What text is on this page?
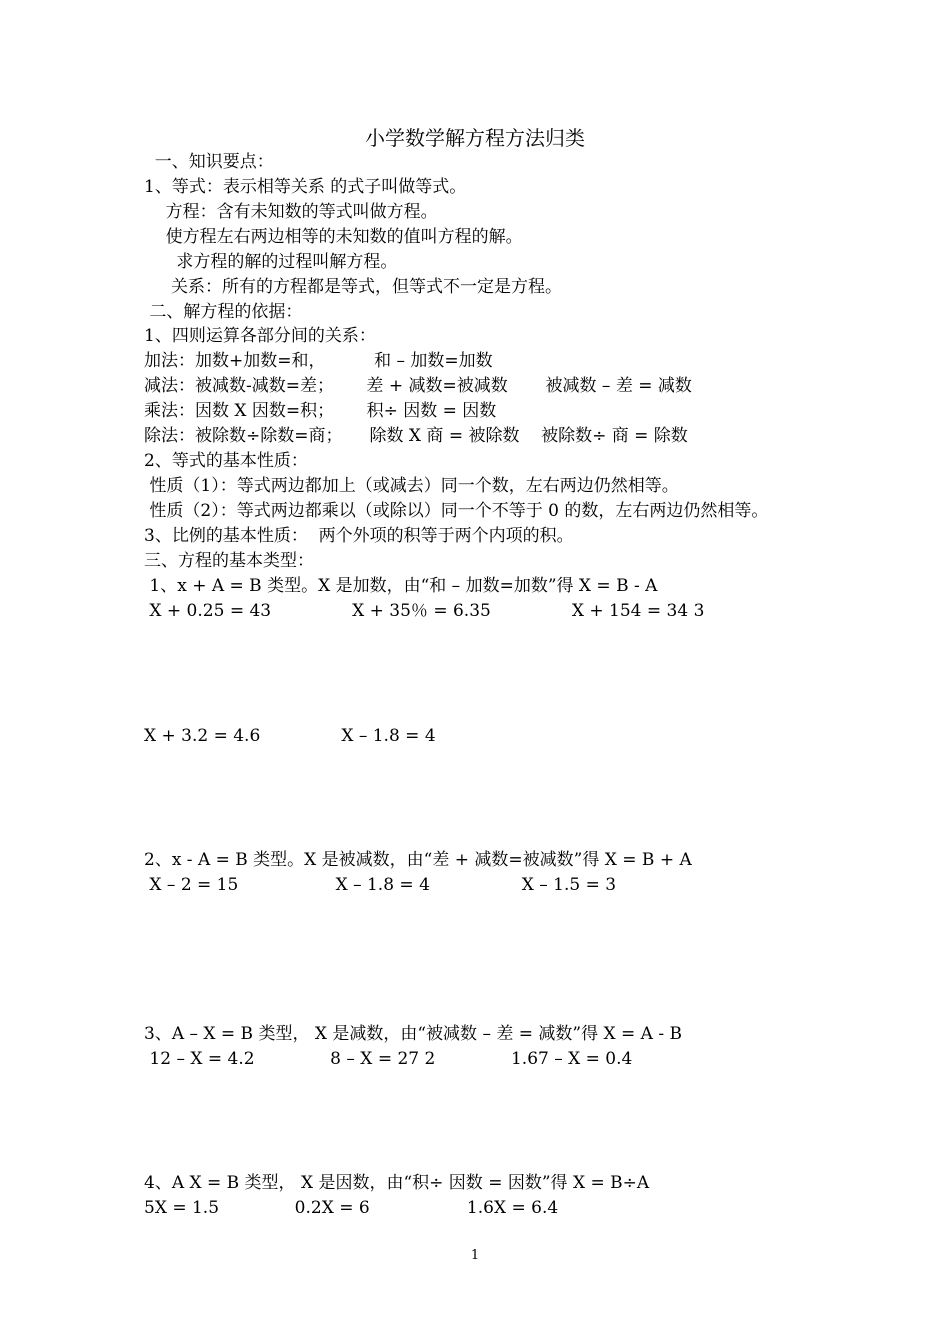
小学数学解方程方法归类
一、知识要点：
1、等式：表示相等关系 的式子叫做等式。
方程：含有未知数的等式叫做方程。
使方程左右两边相等的未知数的值叫方程的解。
求方程的解的过程叫解方程。
关系：所有的方程都是等式，但等式不一定是方程。
二、解方程的依据：
1、四则运算各部分间的关系：
加法：加数+加数=和，         和 – 加数=加数
减法：被减数-减数=差；      差 + 减数=被减数       被减数 – 差 = 减数
乘法：因数 X 因数=积；      积÷ 因数 = 因数
除法：被除数÷除数=商；     除数 X 商 = 被除数    被除数÷ 商 = 除数
2、等式的基本性质：
性质（1）：等式两边都加上（或减去）同一个数，左右两边仍然相等。
性质（2）：等式两边都乘以（或除以）同一个不等于 0 的数，左右两边仍然相等。
3、比例的基本性质：  两个外项的积等于两个内项的积。
三、方程的基本类型：
1、x + A = B 类型。X 是加数，由“和 – 加数=加数”得 X = B - A
X + 0.25 = 43               X + 35％ = 6.35               X + 154 = 34 3
X + 3.2 = 4.6               X – 1.8 = 4
2、x - A = B 类型。X 是被减数，由“差 + 减数=被减数”得 X = B + A
X – 2 = 15                  X – 1.8 = 4                 X – 1.5 = 3
3、A – X = B 类型， X 是减数，由“被减数 – 差 = 减数”得 X = A - B
12 – X = 4.2              8 – X = 27 2              1.67 – X = 0.4
4、A X = B 类型， X 是因数，由“积÷ 因数 = 因数”得 X = B÷A
5X = 1.5              0.2X = 6                  1.6X = 6.4
1
